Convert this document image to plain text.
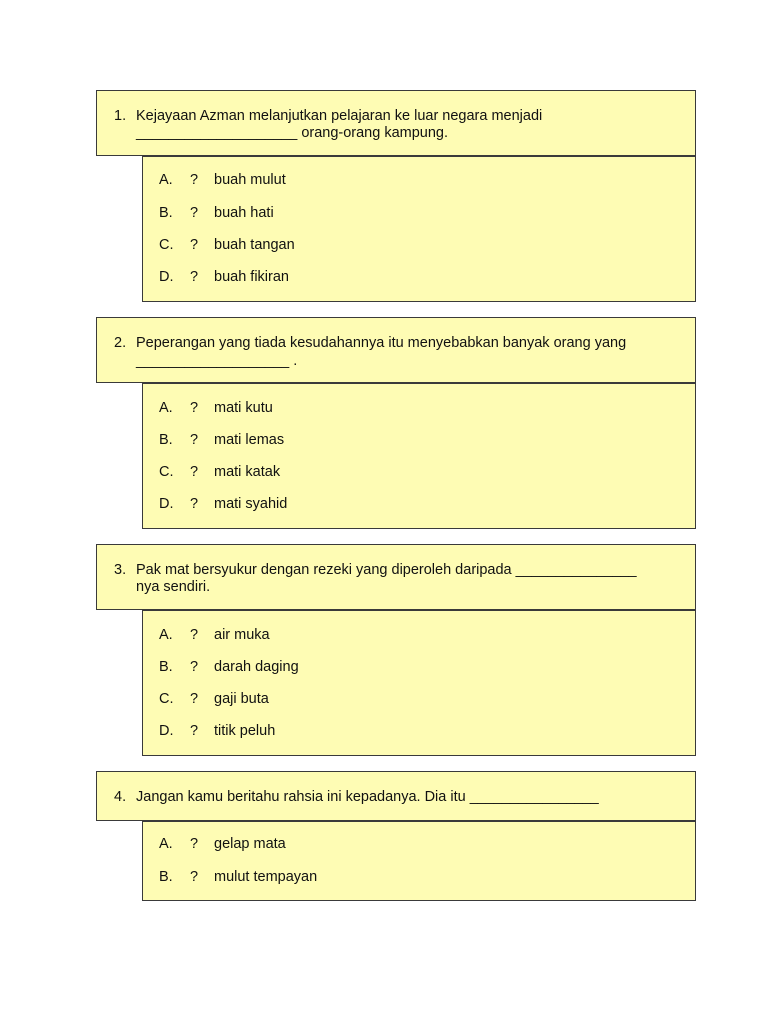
1. Kejayaan Azman melanjutkan pelajaran ke luar negara menjadi
____________________ orang-orang kampung.
A. ? buah mulut
B. ? buah hati
C. ? buah tangan
D. ? buah fikiran
2. Peperangan yang tiada kesudahannya itu menyebabkan banyak orang yang
___________________ .
A. ? mati kutu
B. ? mati lemas
C. ? mati katak
D. ? mati syahid
3. Pak mat bersyukur dengan rezeki yang diperoleh daripada _______________
nya sendiri.
A. ? air muka
B. ? darah daging
C. ? gaji buta
D. ? titik peluh
4. Jangan kamu beritahu rahsia ini kepadanya. Dia itu ________________
A. ? gelap mata
B. ? mulut tempayan
